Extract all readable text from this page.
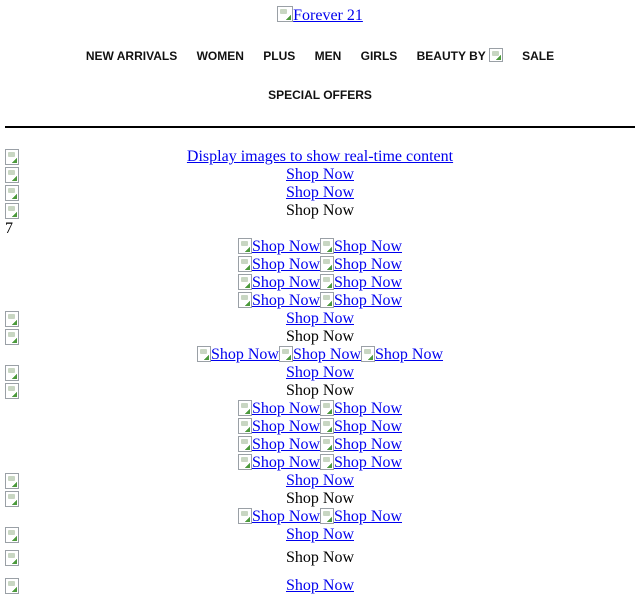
Forever 21
NEW ARRIVALS WOMEN PLUS MEN GIRLS BEAUTY BY	SALE
SPECIAL OFFERS
Display images to show real-time content
Shop Now
Shop Now
Shop Now
7
Shop Now Shop Now
Shop Now Shop Now
Shop Now Shop Now
Shop Now Shop Now
Shop Now
Shop Now
Shop Now Shop Now Shop Now
Shop Now
Shop Now
Shop Now Shop Now
Shop Now Shop Now
Shop Now Shop Now
Shop Now Shop Now
Shop Now
Shop Now
Shop Now Shop Now
Shop Now
Shop Now
Shop Now
